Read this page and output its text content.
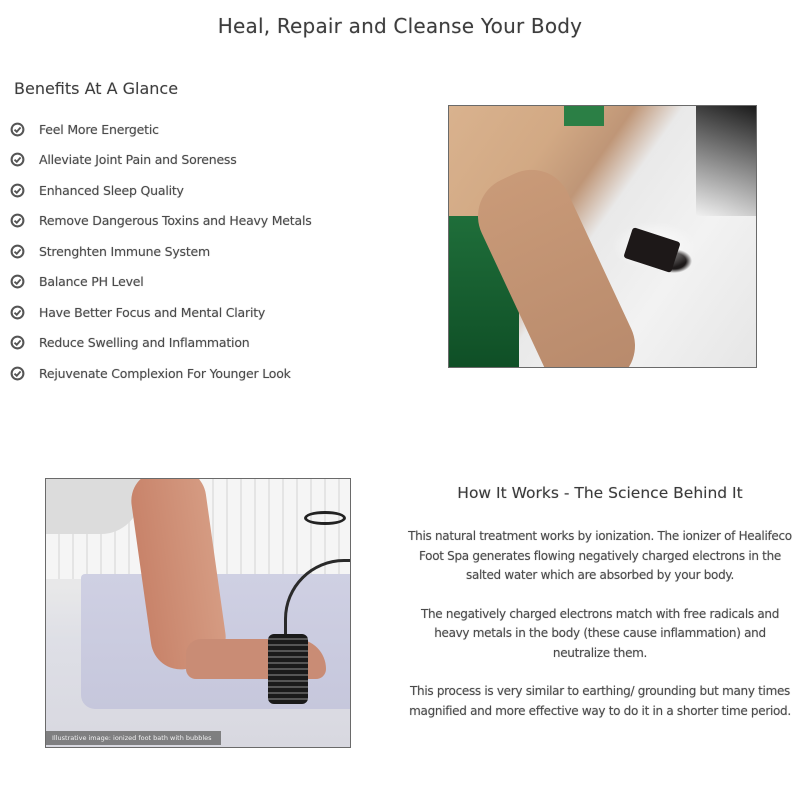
Heal, Repair and Cleanse Your Body
Benefits At A Glance
Feel More Energetic
Alleviate Joint Pain and Soreness
Enhanced Sleep Quality
Remove Dangerous Toxins and Heavy Metals
Strenghten Immune System
Balance PH Level
Have Better Focus and Mental Clarity
Reduce Swelling and Inflammation
Rejuvenate Complexion For Younger Look
Illustrative image: ionized foot bath with bubbles
How It Works - The Science Behind It

This natural treatment works by ionization. The ionizer of Healifeco Foot Spa generates flowing negatively charged electrons in the salted water which are absorbed by your body.

The negatively charged electrons match with free radicals and heavy metals in the body (these cause inflammation) and neutralize them.

This process is very similar to earthing/ grounding but many times magnified and more effective way to do it in a shorter time period.
